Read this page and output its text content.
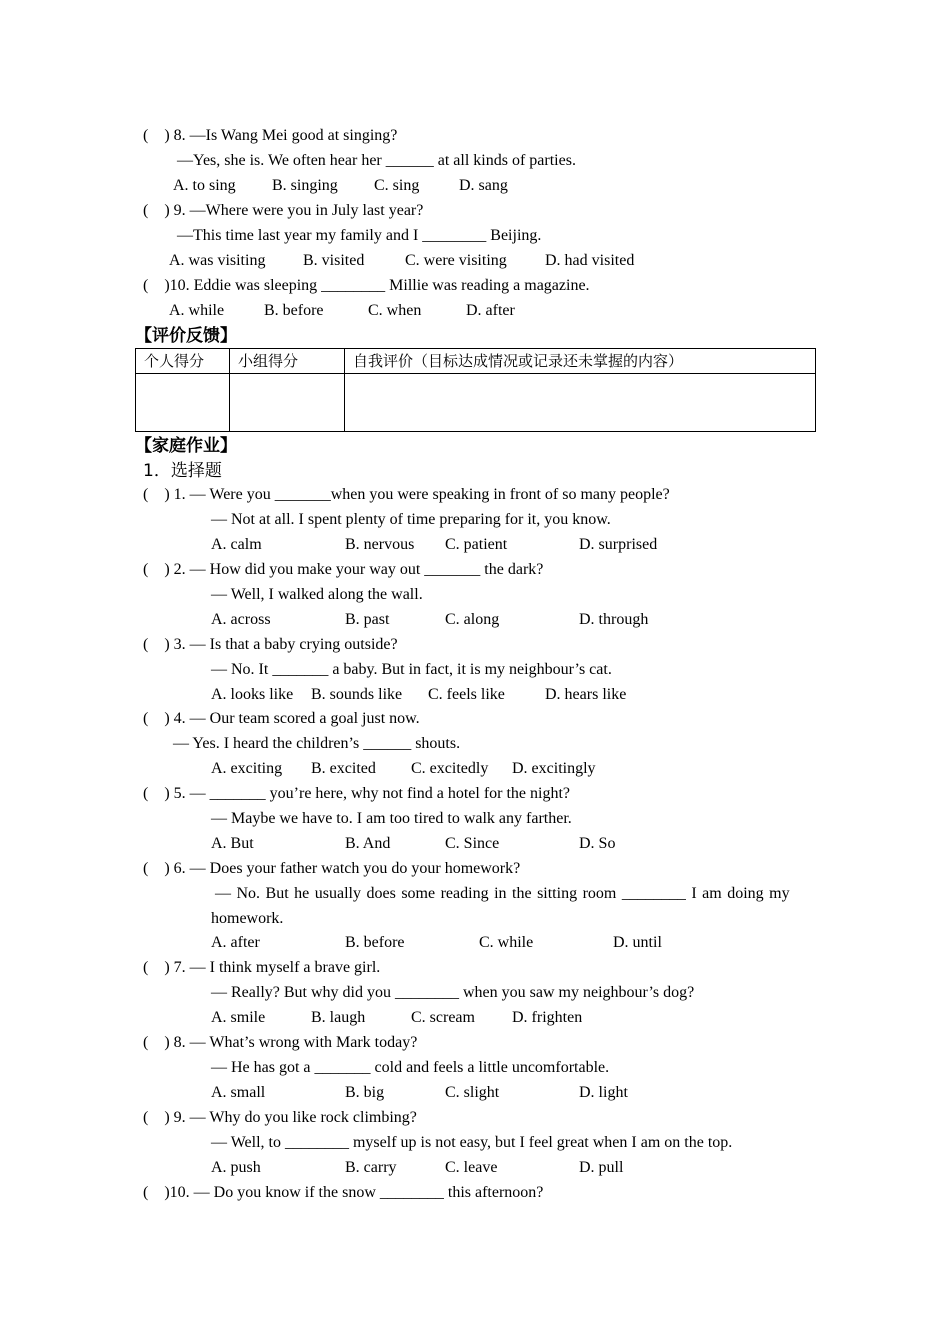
(    ) 8. —Is Wang Mei good at singing?
—Yes, she is. We often hear her ______ at all kinds of parties.
A. to sing B. singing C. sing D. sang
(    ) 9. —Where were you in July last year?
—This time last year my family and I ________ Beijing.
A. was visiting B. visited	C. were visiting D. had visited
(    )10. Eddie was sleeping ________ Millie was reading a magazine.
A. while B. before	C. when	D. after
【评价反馈】
个人得分	小组得分	自我评价（目标达成情况或记录还未掌握的内容）

【家庭作业】
1．选择题
(    ) 1. — Were you _______when you were speaking in front of so many people?
— Not at all. I spent plenty of time preparing for it, you know.
A. calm	B. nervous C. patient	D. surprised
(    ) 2. — How did you make your way out _______ the dark?
— Well, I walked along the wall.
A. across	B. past	C. along	D. through
(    ) 3. — Is that a baby crying outside?
— No. It _______ a baby. But in fact, it is my neighbour’s cat.
A. looks like B. sounds like C. feels like	D. hears like
(    ) 4. — Our team scored a goal just now.
— Yes. I heard the children’s ______ shouts.
A. exciting B. excited C. excitedly D. excitingly
(    ) 5. — _______ you’re here, why not find a hotel for the night?
— Maybe we have to. I am too tired to walk any farther.
A. But	B. And	C. Since	D. So
(    ) 6. — Does your father watch you do your homework?
— No. But he usually does some reading in the sitting room ________ I am doing my
homework.
A. after	B. before	C. while	D. until
(    ) 7. — I think myself a brave girl.
— Really? But why did you ________ when you saw my neighbour’s dog?
A. smile	B. laugh	C. scream D. frighten
(    ) 8. — What’s wrong with Mark today?
— He has got a _______ cold and feels a little uncomfortable.
A. small	B. big	C. slight	D. light
(    ) 9. — Why do you like rock climbing?
— Well, to ________ myself up is not easy, but I feel great when I am on the top.
A. push	B. carry	C. leave	D. pull
(    )10. — Do you know if the snow ________ this afternoon?
